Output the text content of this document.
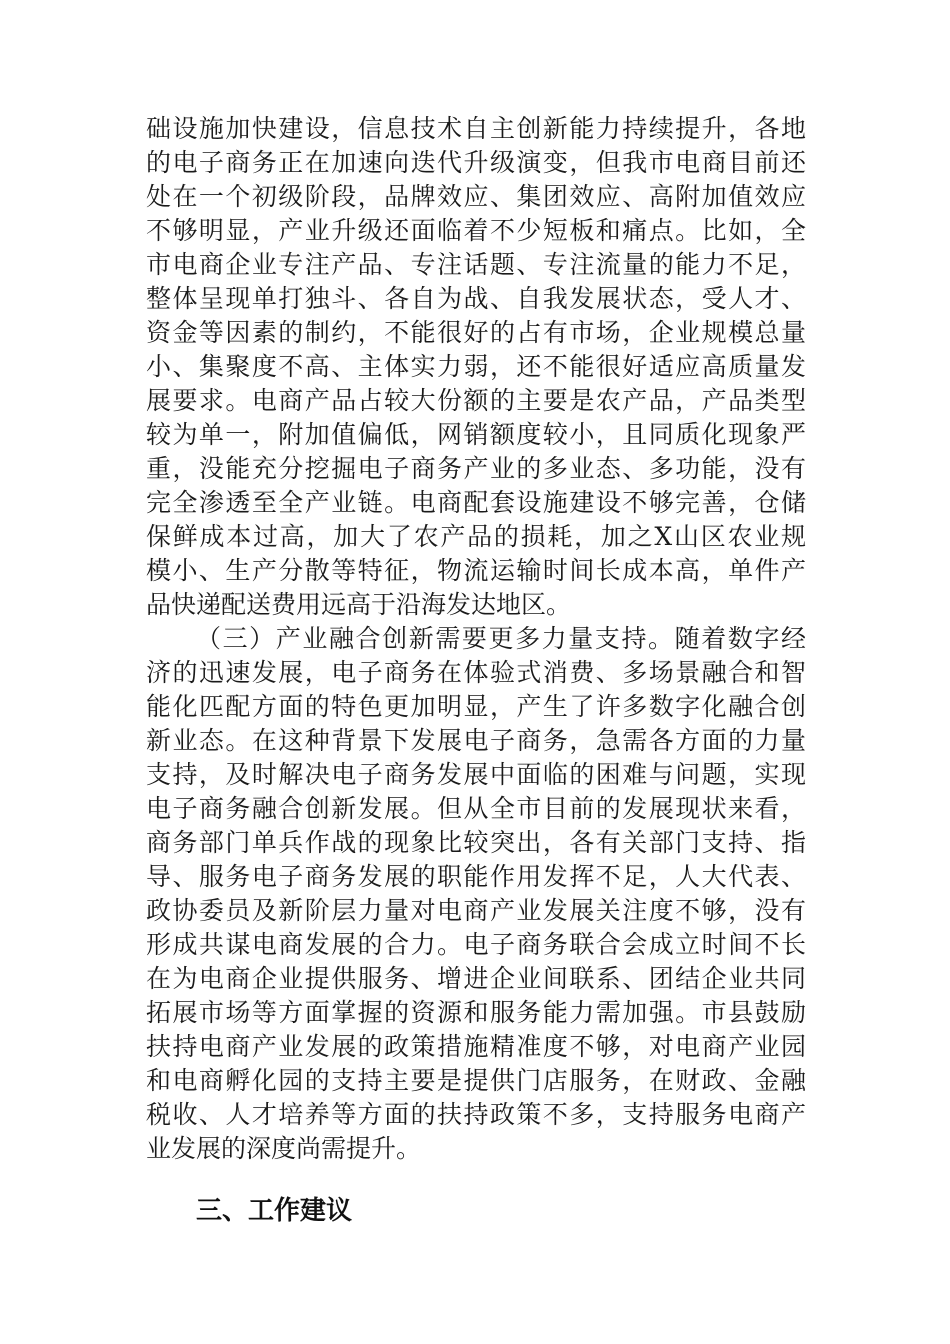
础设施加快建设，信息技术自主创新能力持续提升，各地
的电子商务正在加速向迭代升级演变，但我市电商目前还
处在一个初级阶段，品牌效应、集团效应、高附加值效应
不够明显，产业升级还面临着不少短板和痛点。比如，全
市电商企业专注产品、专注话题、专注流量的能力不足，
整体呈现单打独斗、各自为战、自我发展状态，受人才、
资金等因素的制约，不能很好的占有市场，企业规模总量
小、集聚度不高、主体实力弱，还不能很好适应高质量发
展要求。电商产品占较大份额的主要是农产品，产品类型
较为单一，附加值偏低，网销额度较小，且同质化现象严
重，没能充分挖掘电子商务产业的多业态、多功能，没有
完全渗透至全产业链。电商配套设施建设不够完善，仓储
保鲜成本过高，加大了农产品的损耗，加之X山区农业规
模小、生产分散等特征，物流运输时间长成本高，单件产
品快递配送费用远高于沿海发达地区。
（三）产业融合创新需要更多力量支持。随着数字经
济的迅速发展，电子商务在体验式消费、多场景融合和智
能化匹配方面的特色更加明显，产生了许多数字化融合创
新业态。在这种背景下发展电子商务，急需各方面的力量
支持，及时解决电子商务发展中面临的困难与问题，实现
电子商务融合创新发展。但从全市目前的发展现状来看，
商务部门单兵作战的现象比较突出，各有关部门支持、指
导、服务电子商务发展的职能作用发挥不足，人大代表、
政协委员及新阶层力量对电商产业发展关注度不够，没有
形成共谋电商发展的合力。电子商务联合会成立时间不长
在为电商企业提供服务、增进企业间联系、团结企业共同
拓展市场等方面掌握的资源和服务能力需加强。市县鼓励
扶持电商产业发展的政策措施精准度不够，对电商产业园
和电商孵化园的支持主要是提供门店服务，在财政、金融
税收、人才培养等方面的扶持政策不多，支持服务电商产
业发展的深度尚需提升。
三、工作建议
